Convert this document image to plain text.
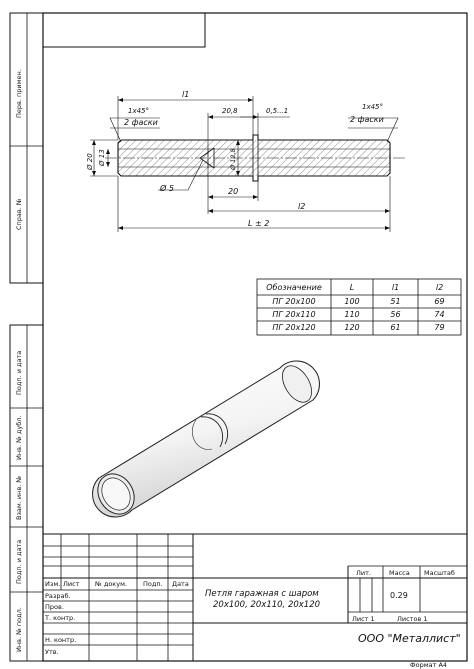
Перв. примен.
Справ. №
Подп. и дата
Инв. № дубл.
Взам. инв. №
Подп. и дата
Инв. № подл.
l1
1x45°
2 фаски
20,8	0,5...1	1x45°
2 фаски
Ø 20 Ø 13	Ø 12,8
Ø 5	20
l2
L ± 2
Обозначение	L	l1	l2
ПГ 20x100	100	51	69
ПГ 20x110	110	56	74
ПГ 20x120	120	61	79
Изм. Лист № докум. Подп. Дата
Разраб.
Пров.
Т. контр.
Н. контр.
Утв.
Петля гаражная с шаром
20x100, 20x110, 20x120
Лит.	Масса Масштаб
0.29
Лист 1	Листов 1
ООО "Металлист"
Формат А4
